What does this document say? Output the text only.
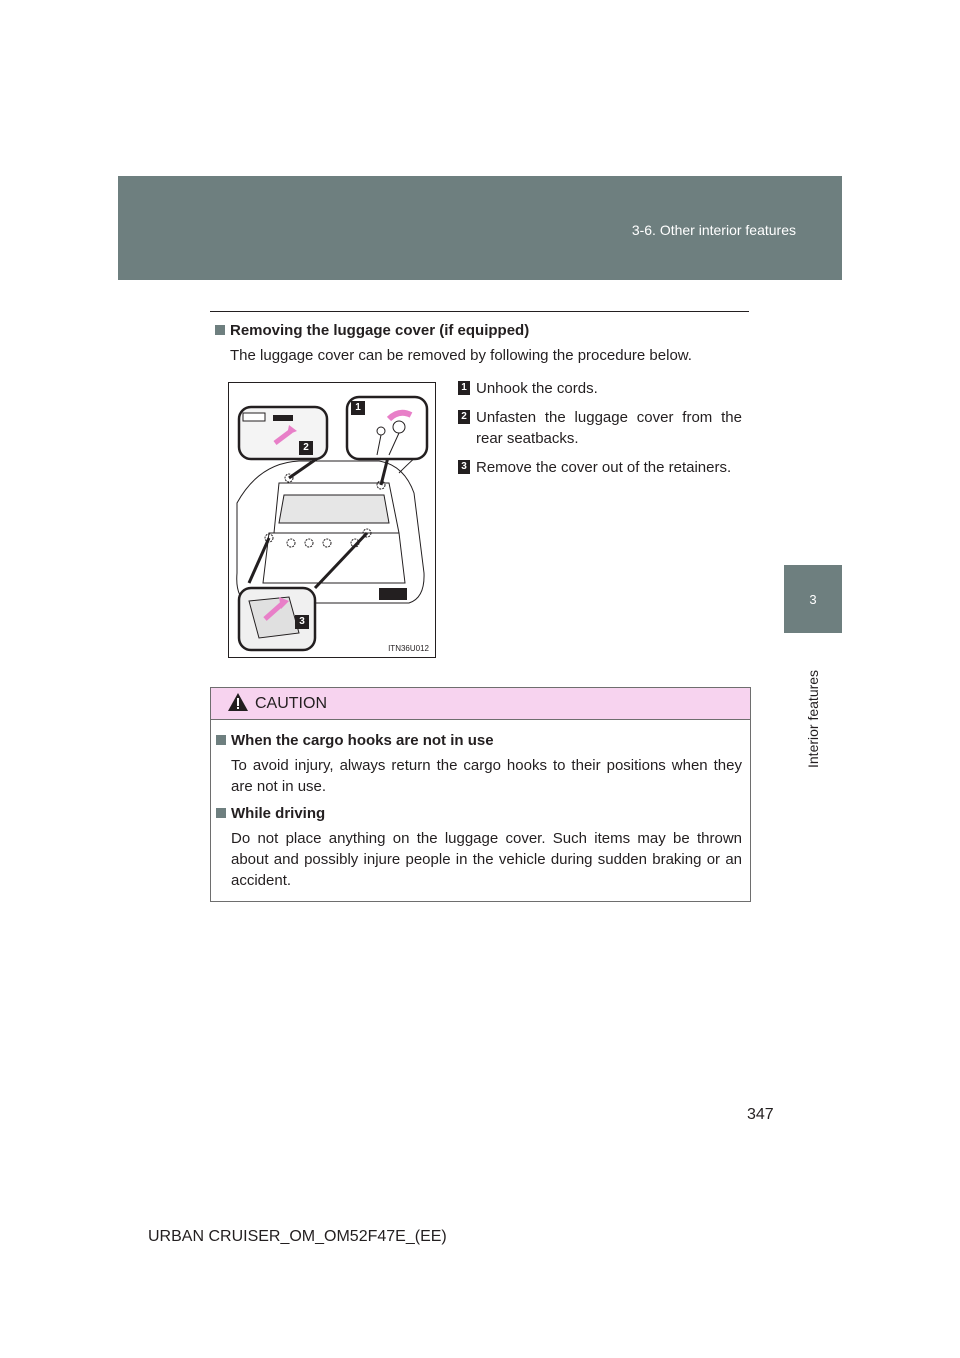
3-6. Other interior features
3
Interior features
Removing the luggage cover (if equipped)
The luggage cover can be removed by following the procedure below.
1
2
3
ITN36U012
1 Unhook the cords.
2 Unfasten the luggage cover from the rear seatbacks.
3 Remove the cover out of the retainers.
CAUTION
When the cargo hooks are not in use
To avoid injury, always return the cargo hooks to their positions when they are not in use.
While driving
Do not place anything on the luggage cover. Such items may be thrown about and possibly injure people in the vehicle during sudden braking or an accident.
347
URBAN CRUISER_OM_OM52F47E_(EE)
